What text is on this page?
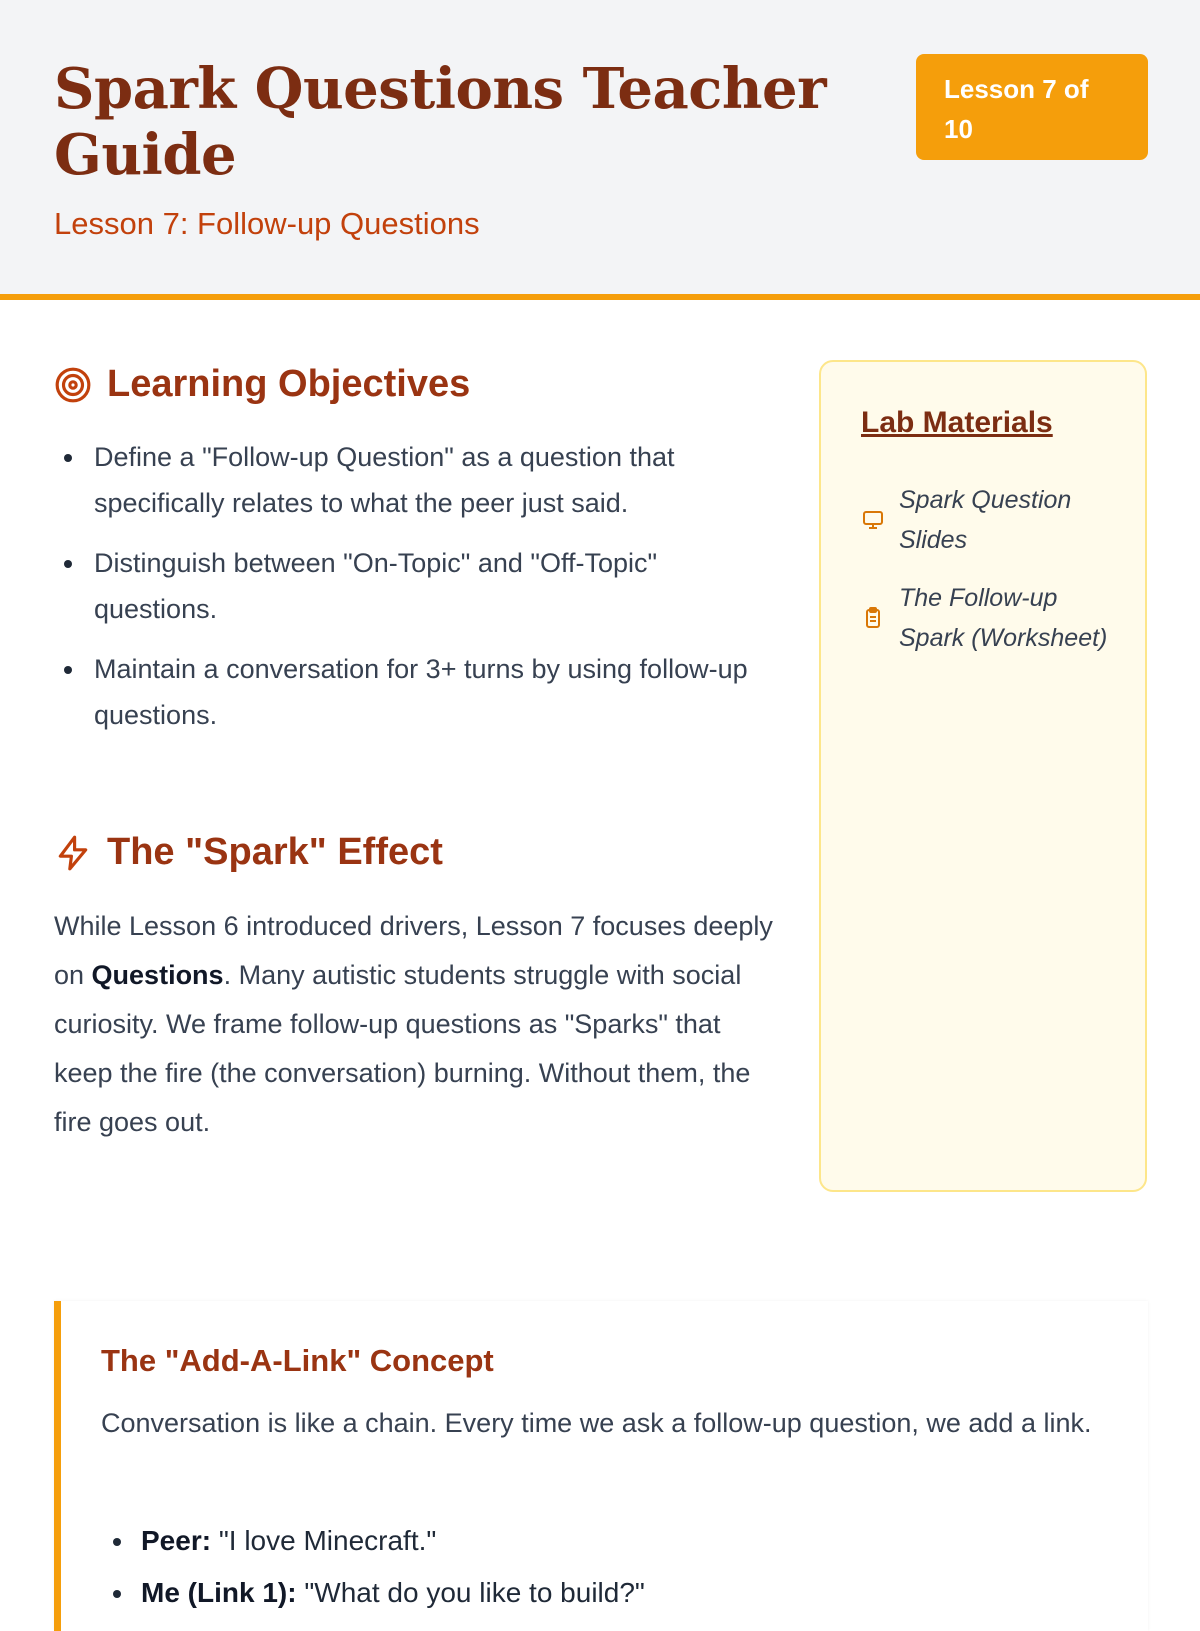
Spark Questions Teacher Guide
Lesson 7: Follow-up Questions
Lesson 7 of 10
Learning Objectives
Define a "Follow-up Question" as a question that specifically relates to what the peer just said.
Distinguish between "On-Topic" and "Off-Topic" questions.
Maintain a conversation for 3+ turns by using follow-up questions.
The "Spark" Effect

While Lesson 6 introduced drivers, Lesson 7 focuses deeply on Questions. Many autistic students struggle with social curiosity. We frame follow-up questions as "Sparks" that keep the fire (the conversation) burning. Without them, the fire goes out.

Lab Materials
Spark Question Slides
The Follow-up Spark (Worksheet)
The "Add-A-Link" Concept

Conversation is like a chain. Every time we ask a follow-up question, we add a link.

Peer: "I love Minecraft."
Me (Link 1): "What do you like to build?"
